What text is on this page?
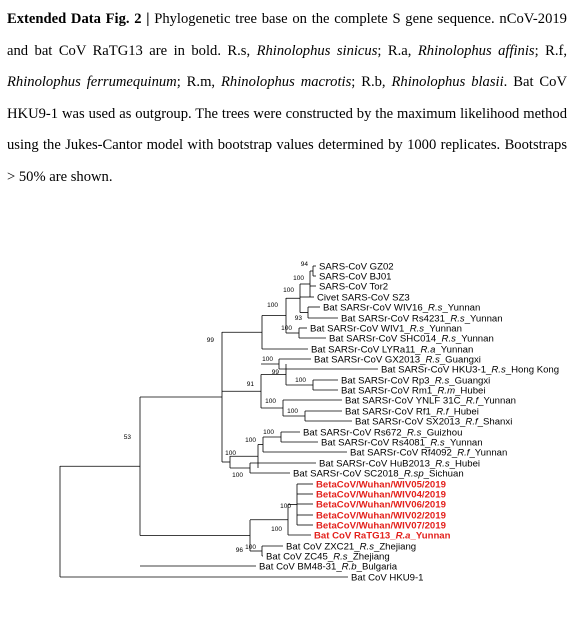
Extended Data Fig. 2 | Phylogenetic tree base on the complete S gene sequence. nCoV-2019 and bat CoV RaTG13 are in bold. R.s, Rhinolophus sinicus; R.a, Rhinolophus affinis; R.f, Rhinolophus ferrumequinum; R.m, Rhinolophus macrotis; R.b, Rhinolophus blasii. Bat CoV HKU9-1 was used as outgroup. The trees were constructed by the maximum likelihood method using the Jukes-Cantor model with bootstrap values determined by 1000 replicates. Bootstraps > 50% are shown.
SARS-CoV GZ02
SARS-CoV BJ01
SARS-CoV Tor2
Civet SARS-CoV SZ3
Bat SARSr-CoV WIV16_R.s_Yunnan
Bat SARSr-CoV Rs4231_R.s_Yunnan
Bat SARSr-CoV WIV1_R.s_Yunnan
Bat SARSr-CoV SHC014_R.s_Yunnan
Bat SARSr-CoV LYRa11_R.a_Yunnan
Bat SARSr-CoV GX2013_R.s_Guangxi
Bat SARSr-CoV HKU3-1_R.s_Hong Kong
Bat SARSr-CoV Rp3_R.s_Guangxi
Bat SARSr-CoV Rm1_R.m_Hubei
Bat SARSr-CoV YNLF 31C_R.f_Yunnan
Bat SARSr-CoV Rf1_R.f_Hubei
Bat SARSr-CoV SX2013_R.f_Shanxi
Bat SARSr-CoV Rs672_R.s_Guizhou
Bat SARSr-CoV Rs4081_R.s_Yunnan
Bat SARSr-CoV Rf4092_R.f_Yunnan
Bat SARSr-CoV HuB2013_R.s_Hubei
Bat SARSr-CoV SC2018_R.sp_Sichuan
BetaCoV/Wuhan/WIV05/2019
BetaCoV/Wuhan/WIV04/2019
BetaCoV/Wuhan/WIV06/2019
BetaCoV/Wuhan/WIV02/2019
BetaCoV/Wuhan/WIV07/2019
Bat CoV RaTG13_R.a_Yunnan
Bat CoV ZXC21_R.s_Zhejiang
Bat CoV ZC45_R.s_Zhejiang
Bat CoV BM48-31_R.b_Bulgaria
Bat CoV HKU9-1
94
100
100
93
100
100
100
100
99
100
100
91
100
100
100
100
99
100
100
100
96
53
